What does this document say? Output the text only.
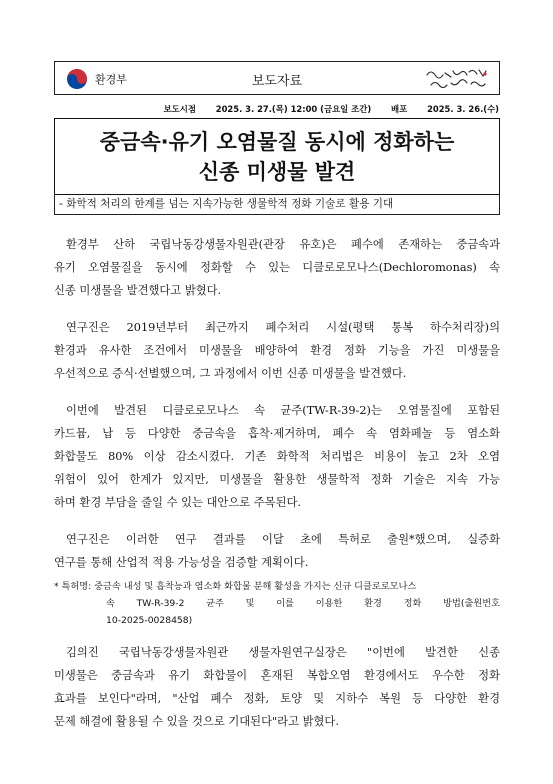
환경부	보도자료
보도시점 2025. 3. 27.(목) 12:00 (금요일 조간) 배포 2025. 3. 26.(수)
중금속·유기 오염물질 동시에 정화하는
신종 미생물 발견
- 화학적 처리의 한계를 넘는 지속가능한 생물학적 정화 기술로 활용 기대

환경부 산하 국립낙동강생물자원관(관장 유호)은 폐수에 존재하는 중금속과
유기 오염물질을 동시에 정화할 수 있는 디클로로모나스(Dechloromonas) 속
신종 미생물을 발견했다고 밝혔다.

연구진은 2019년부터 최근까지 폐수처리 시설(평택 통복 하수처리장)의
환경과 유사한 조건에서 미생물을 배양하여 환경 정화 기능을 가진 미생물을
우선적으로 증식·선별했으며, 그 과정에서 이번 신종 미생물을 발견했다.

이번에 발견된 디클로로모나스 속 균주(TW-R-39-2)는 오염물질에 포함된
카드뮴, 납 등 다양한 중금속을 흡착·제거하며, 폐수 속 염화페놀 등 염소화
화합물도 80% 이상 감소시켰다. 기존 화학적 처리법은 비용이 높고 2차 오염
위험이 있어 한계가 있지만, 미생물을 활용한 생물학적 정화 기술은 지속 가능
하며 환경 부담을 줄일 수 있는 대안으로 주목된다.

연구진은 이러한 연구 결과를 이달 초에 특허로 출원*했으며, 실증화
연구를 통해 산업적 적용 가능성을 검증할 계획이다.

* 특허명: 중금속 내성 및 흡착능과 염소화 화합물 분해 활성을 가지는 신규 디클로로모나스
속 TW-R-39-2 균주 및 이를 이용한 환경 정화 방법(출원번호
10-2025-0028458)

김의진 국립낙동강생물자원관 생물자원연구실장은 "이번에 발견한 신종
미생물은 중금속과 유기 화합물이 혼재된 복합오염 환경에서도 우수한 정화
효과를 보인다"라며, "산업 폐수 정화, 토양 및 지하수 복원 등 다양한 환경
문제 해결에 활용될 수 있을 것으로 기대된다"라고 밝혔다.
